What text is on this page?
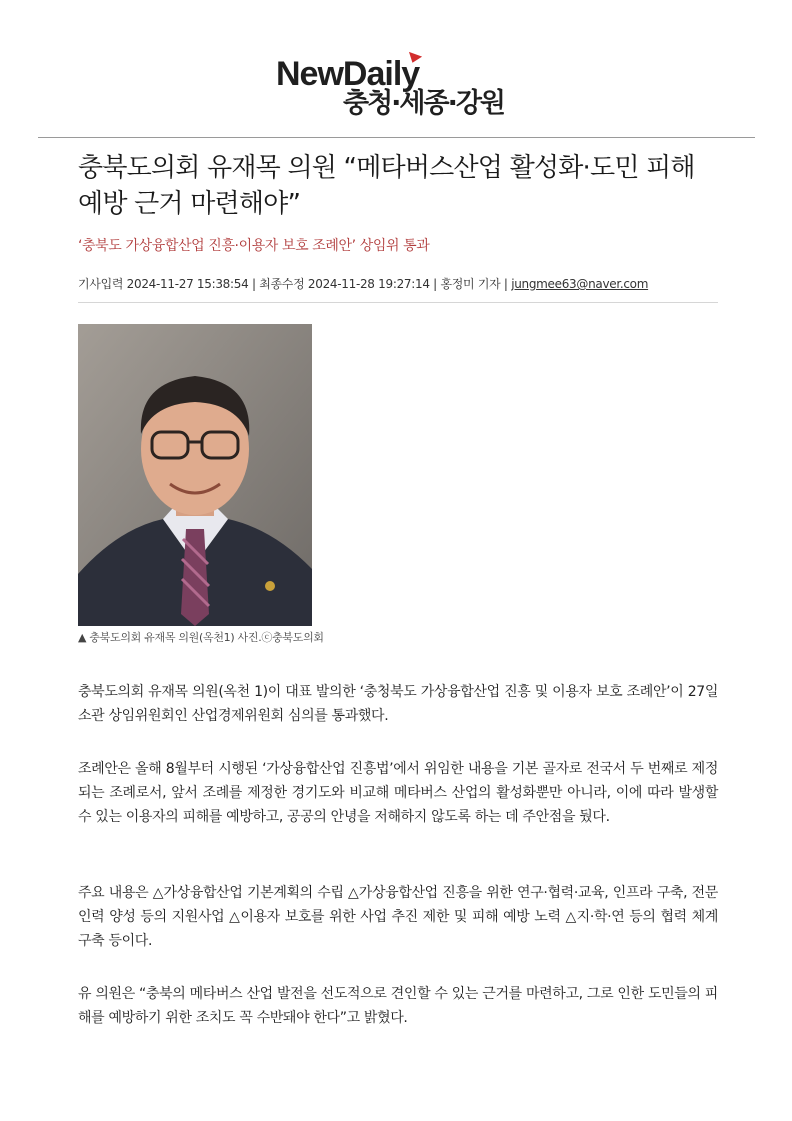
NewDaily
충청·세종·강원
충북도의회 유재목 의원 “메타버스산업 활성화·도민 피해 예방 근거 마련해야”
‘충북도 가상융합산업 진흥·이용자 보호 조례안’ 상임위 통과
기사입력 2024-11-27 15:38:54 | 최종수정 2024-11-28 19:27:14 | 홍정미 기자 | jungmee63@naver.com
▲ 충북도의회 유재목 의원(옥천1) 사진.ⓒ충북도의회

충북도의회 유재목 의원(옥천 1)이 대표 발의한 ‘충청북도 가상융합산업 진흥 및 이용자 보호 조례안’이 27일 소관 상임위원회인 산업경제위원회 심의를 통과했다.

조례안은 올해 8월부터 시행된 ‘가상융합산업 진흥법’에서 위임한 내용을 기본 골자로 전국서 두 번째로 제정되는 조례로서, 앞서 조례를 제정한 경기도와 비교해 메타버스 산업의 활성화뿐만 아니라, 이에 따라 발생할 수 있는 이용자의 피해를 예방하고, 공공의 안녕을 저해하지 않도록 하는 데 주안점을 뒀다.

주요 내용은 △가상융합산업 기본계획의 수립 △가상융합산업 진흥을 위한 연구·협력·교육, 인프라 구축, 전문인력 양성 등의 지원사업 △이용자 보호를 위한 사업 추진 제한 및 피해 예방 노력 △지·학·연 등의 협력 체계 구축 등이다.

유 의원은 “충북의 메타버스 산업 발전을 선도적으로 견인할 수 있는 근거를 마련하고, 그로 인한 도민들의 피해를 예방하기 위한 조치도 꼭 수반돼야 한다”고 밝혔다.
